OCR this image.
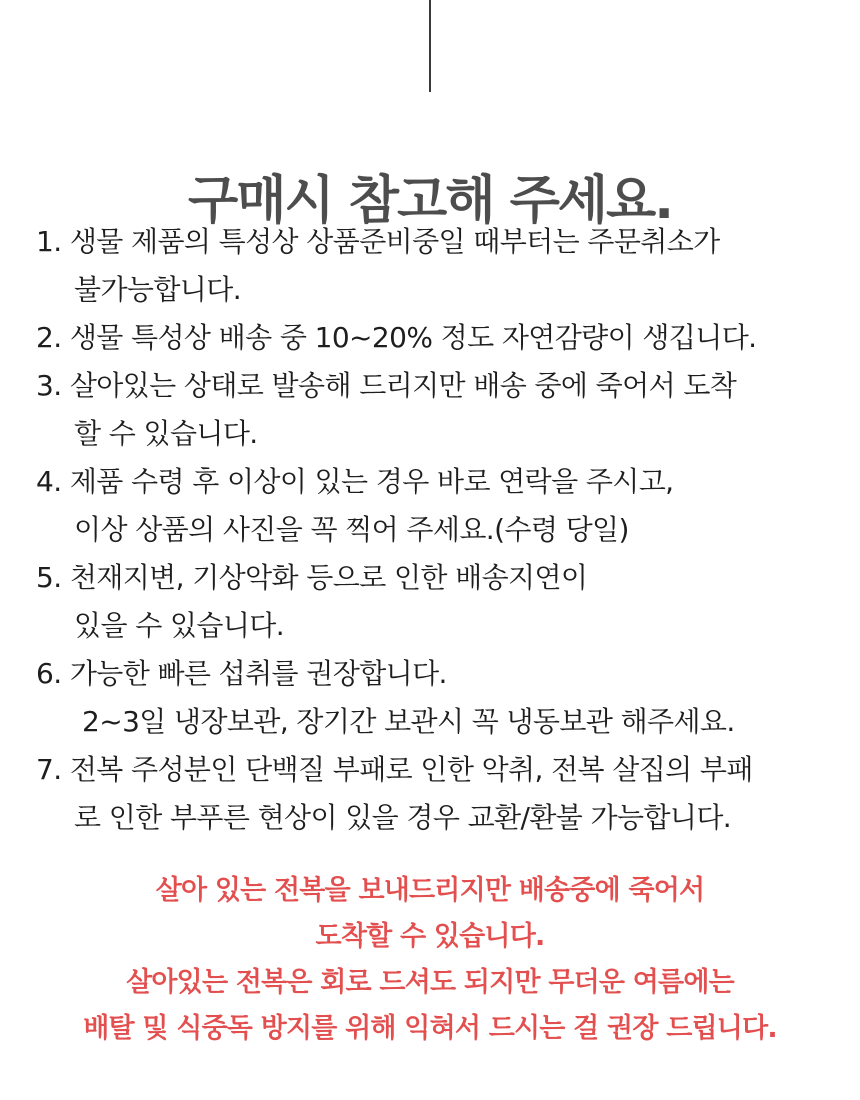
구매시 참고해 주세요.
1. 생물 제품의 특성상 상품준비중일 때부터는 주문취소가
불가능합니다.
2. 생물 특성상 배송 중 10~20% 정도 자연감량이 생깁니다.
3. 살아있는 상태로 발송해 드리지만 배송 중에 죽어서 도착
할 수 있습니다.
4. 제품 수령 후 이상이 있는 경우 바로 연락을 주시고,
이상 상품의 사진을 꼭 찍어 주세요.(수령 당일)
5. 천재지변, 기상악화 등으로 인한 배송지연이
있을 수 있습니다.
6. 가능한 빠른 섭취를 권장합니다.
2~3일 냉장보관, 장기간 보관시 꼭 냉동보관 해주세요.
7. 전복 주성분인 단백질 부패로 인한 악취, 전복 살집의 부패
로 인한 부푸른 현상이 있을 경우 교환/환불 가능합니다.
살아 있는 전복을 보내드리지만 배송중에 죽어서
도착할 수 있습니다.
살아있는 전복은 회로 드셔도 되지만 무더운 여름에는
배탈 및 식중독 방지를 위해 익혀서 드시는 걸 권장 드립니다.
